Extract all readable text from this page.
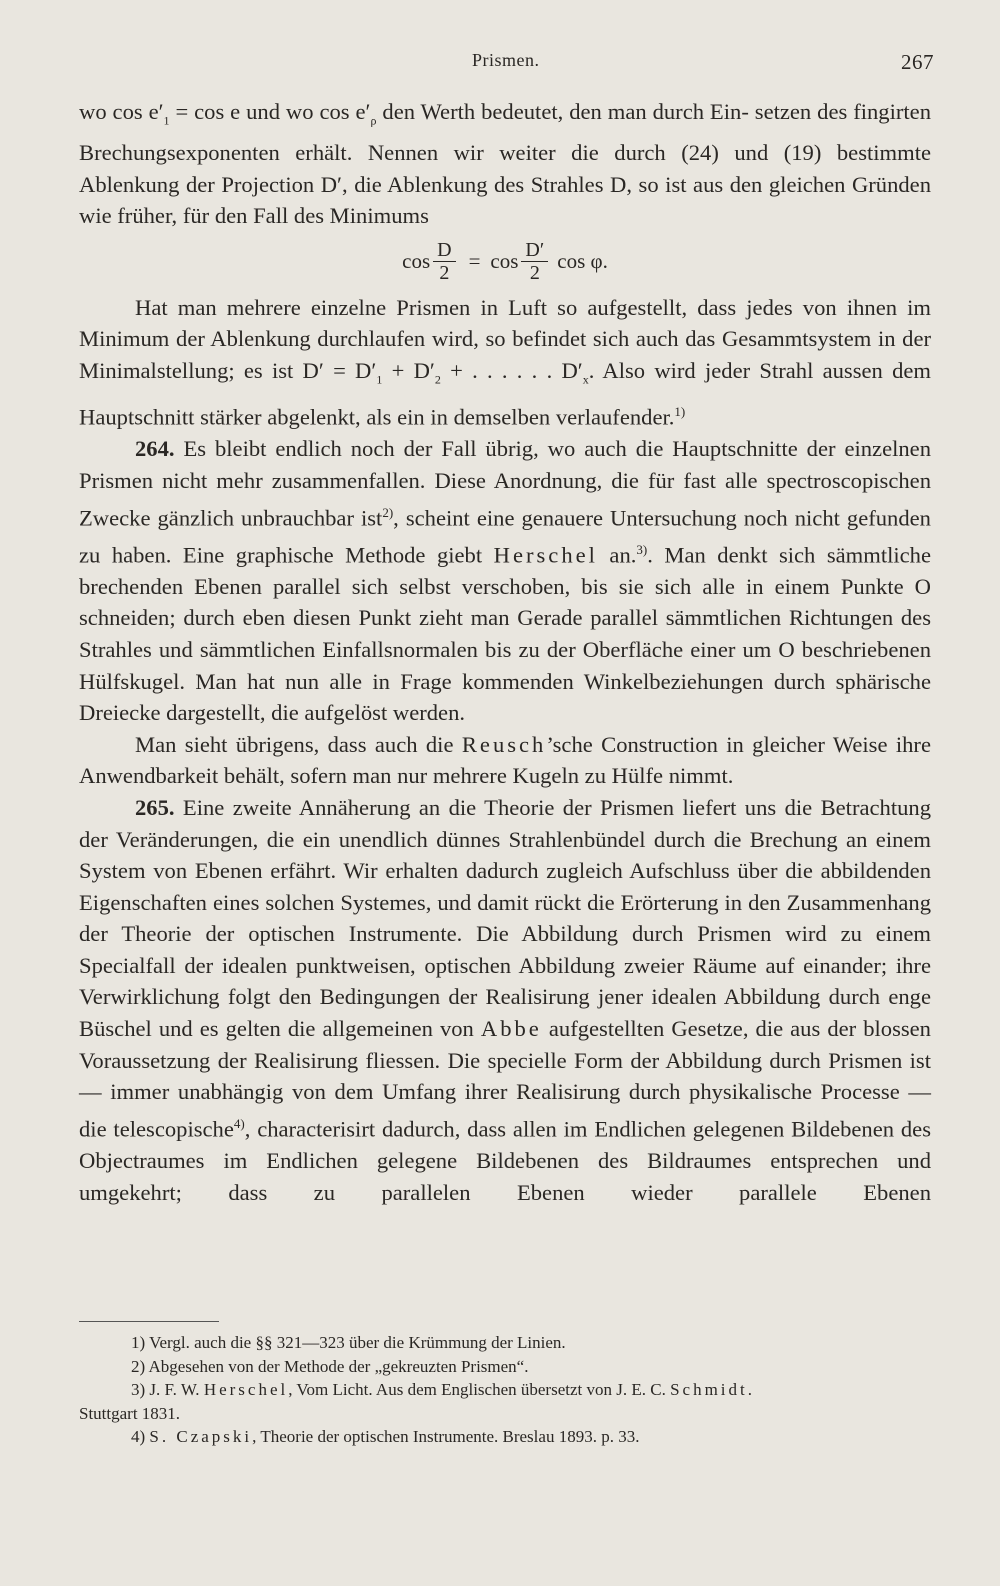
Prismen.	267

wo $\cos e'_1 = \cos e$ und wo $\cos e'_\rho$ den Werth bedeutet, den man durch Ein- setzen des fingirten Brechungsexponenten erhält. Nennen wir weiter die durch (24) und (19) bestimmte Ablenkung der Projection D′, die Ablenkung des Strahles D, so ist aus den gleichen Gründen wie früher, für den Fall des Minimums

$\cos \frac{D}{2} = \cos \frac{D'}{2}$ cos φ.

Hat man mehrere einzelne Prismen in Luft so aufgestellt, dass jedes von ihnen im Minimum der Ablenkung durchlaufen wird, so befindet sich auch das Gesammtsystem in der Minimalstellung; es ist $D' = D'_1 + D'_2$ + . . . . . . $D'_x$. Also wird jeder Strahl aussen dem Hauptschnitt stärker abgelenkt, als ein in demselben verlaufender.$^{1)}$

264. Es bleibt endlich noch der Fall übrig, wo auch die Hauptschnitte der einzelnen Prismen nicht mehr zusammenfallen. Diese Anordnung, die für fast alle spectroscopischen Zwecke gänzlich unbrauchbar ist$^{2)}$, scheint eine genauere Untersuchung noch nicht gefunden zu haben. Eine graphische Methode giebt Herschel an.$^{3)}$. Man denkt sich sämmtliche brechenden Ebenen parallel sich selbst verschoben, bis sie sich alle in einem Punkte O schneiden; durch eben diesen Punkt zieht man Gerade parallel sämmtlichen Richtungen des Strahles und sämmtlichen Einfallsnormalen bis zu der Oberfläche einer um O beschriebenen Hülfskugel. Man hat nun alle in Frage kommenden Winkelbeziehungen durch sphärische Dreiecke dargestellt, die aufgelöst werden.

Man sieht übrigens, dass auch die Reusch’sche Construction in gleicher Weise ihre Anwendbarkeit behält, sofern man nur mehrere Kugeln zu Hülfe nimmt.

265. Eine zweite Annäherung an die Theorie der Prismen liefert uns die Betrachtung der Veränderungen, die ein unendlich dünnes Strahlenbündel durch die Brechung an einem System von Ebenen erfährt. Wir erhalten dadurch zugleich Aufschluss über die abbildenden Eigenschaften eines solchen Systemes, und damit rückt die Erörterung in den Zusammenhang der Theorie der optischen Instrumente. Die Abbildung durch Prismen wird zu einem Specialfall der idealen punktweisen, optischen Abbildung zweier Räume auf einander; ihre Verwirklichung folgt den Bedingungen der Realisirung jener idealen Abbildung durch enge Büschel und es gelten die allgemeinen von Abbe aufgestellten Gesetze, die aus der blossen Voraussetzung der Realisirung fliessen. Die specielle Form der Abbildung durch Prismen ist — immer unabhängig von dem Umfang ihrer Realisirung durch physikalische Processe — die telescopische$^{4)}$, characterisirt dadurch, dass allen im Endlichen gelegenen Bildebenen des Objectraumes im Endlichen gelegene Bildebenen des Bildraumes entsprechen und umgekehrt; dass zu parallelen Ebenen wieder parallele Ebenen

1) Vergl. auch die §§ 321—323 über die Krümmung der Linien.
2) Abgesehen von der Methode der „gekreuzten Prismen“.
3) J. F. W. Herschel, Vom Licht. Aus dem Englischen übersetzt von J. E. C. Schmidt.
Stuttgart 1831.
4) S. Czapski, Theorie der optischen Instrumente. Breslau 1893. p. 33.
